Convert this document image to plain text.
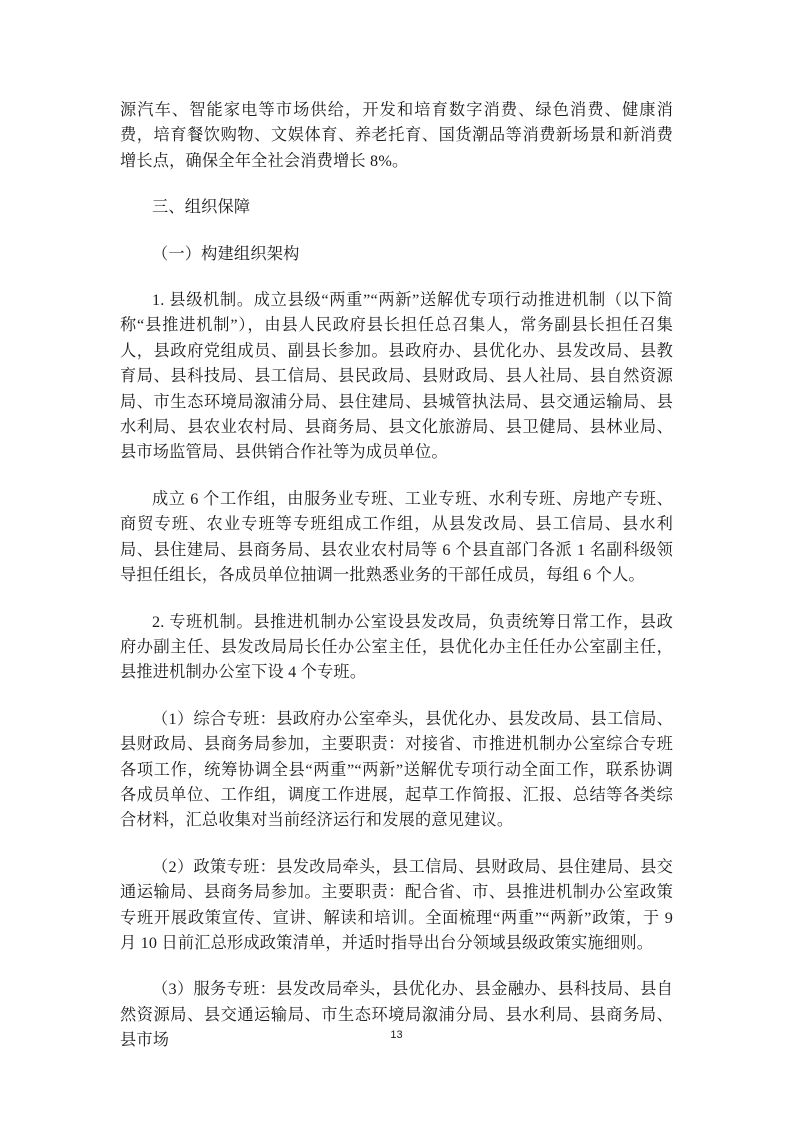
源汽车、智能家电等市场供给，开发和培育数字消费、绿色消费、健康消费，培育餐饮购物、文娱体育、养老托育、国货潮品等消费新场景和新消费增长点，确保全年全社会消费增长 8%。

三、组织保障

（一）构建组织架构

1. 县级机制。成立县级“两重”“两新”送解优专项行动推进机制（以下简称“县推进机制”），由县人民政府县长担任总召集人，常务副县长担任召集人，县政府党组成员、副县长参加。县政府办、县优化办、县发改局、县教育局、县科技局、县工信局、县民政局、县财政局、县人社局、县自然资源局、市生态环境局溆浦分局、县住建局、县城管执法局、县交通运输局、县水利局、县农业农村局、县商务局、县文化旅游局、县卫健局、县林业局、县市场监管局、县供销合作社等为成员单位。

成立 6 个工作组，由服务业专班、工业专班、水利专班、房地产专班、商贸专班、农业专班等专班组成工作组，从县发改局、县工信局、县水利局、县住建局、县商务局、县农业农村局等 6 个县直部门各派 1 名副科级领导担任组长，各成员单位抽调一批熟悉业务的干部任成员，每组 6 个人。

2. 专班机制。县推进机制办公室设县发改局，负责统筹日常工作，县政府办副主任、县发改局局长任办公室主任，县优化办主任任办公室副主任，县推进机制办公室下设 4 个专班。

（1）综合专班：县政府办公室牵头，县优化办、县发改局、县工信局、县财政局、县商务局参加，主要职责：对接省、市推进机制办公室综合专班各项工作，统筹协调全县“两重”“两新”送解优专项行动全面工作，联系协调各成员单位、工作组，调度工作进展，起草工作简报、汇报、总结等各类综合材料，汇总收集对当前经济运行和发展的意见建议。

（2）政策专班：县发改局牵头，县工信局、县财政局、县住建局、县交通运输局、县商务局参加。主要职责：配合省、市、县推进机制办公室政策专班开展政策宣传、宣讲、解读和培训。全面梳理“两重”“两新”政策，于 9 月 10 日前汇总形成政策清单，并适时指导出台分领域县级政策实施细则。

（3）服务专班：县发改局牵头，县优化办、县金融办、县科技局、县自然资源局、县交通运输局、市生态环境局溆浦分局、县水利局、县商务局、县市场	13
